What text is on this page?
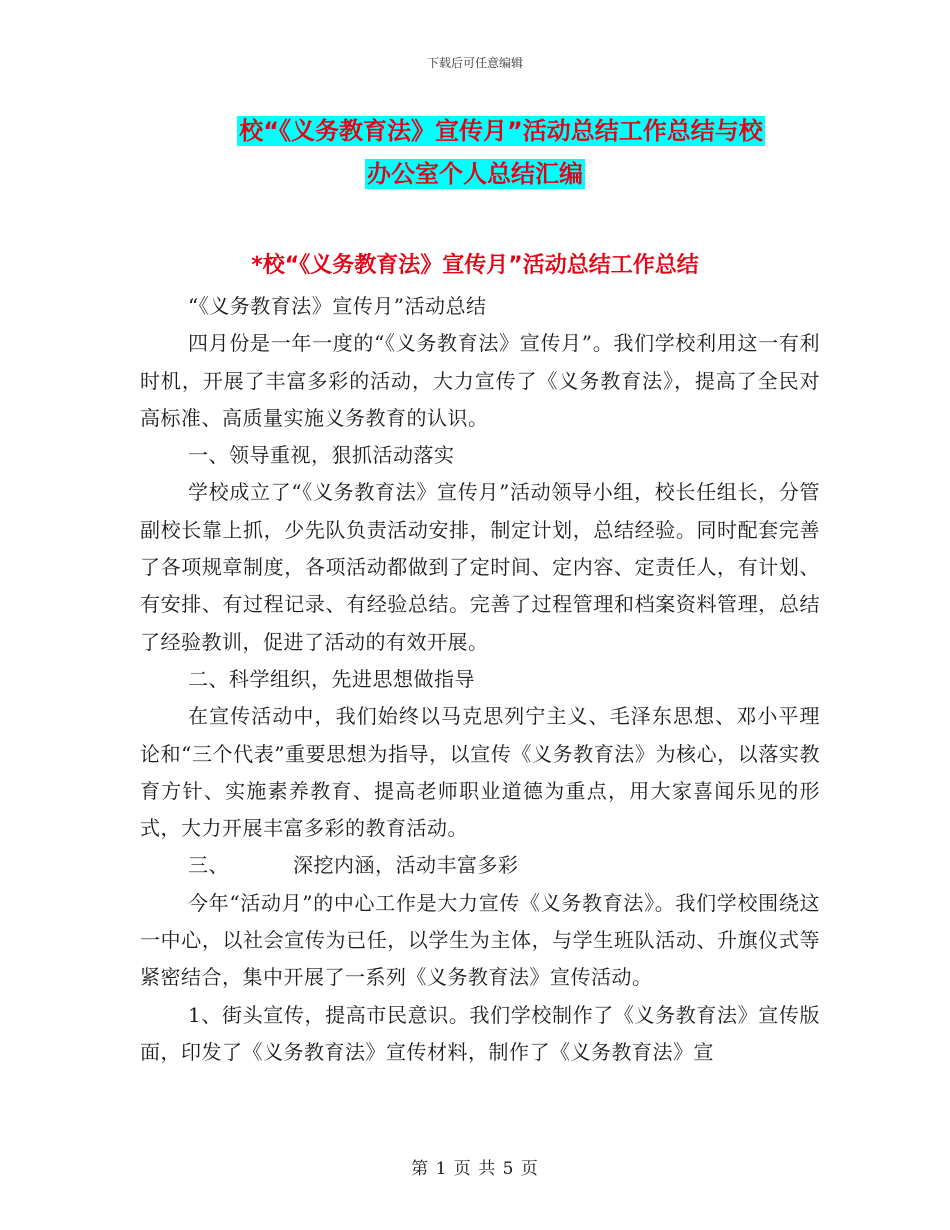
下载后可任意编辑
校“《义务教育法》宣传月”活动总结工作总结与校
办公室个人总结汇编
*校“《义务教育法》宣传月”活动总结工作总结

“《义务教育法》宣传月”活动总结

四月份是一年一度的“《义务教育法》宣传月”。我们学校利用这一有利时机，开展了丰富多彩的活动，大力宣传了《义务教育法》，提高了全民对高标准、高质量实施义务教育的认识。

一、领导重视，狠抓活动落实

学校成立了“《义务教育法》宣传月”活动领导小组，校长任组长，分管副校长靠上抓，少先队负责活动安排，制定计划，总结经验。同时配套完善了各项规章制度，各项活动都做到了定时间、定内容、定责任人，有计划、有安排、有过程记录、有经验总结。完善了过程管理和档案资料管理，总结了经验教训，促进了活动的有效开展。

二、科学组织，先进思想做指导

在宣传活动中，我们始终以马克思列宁主义、毛泽东思想、邓小平理论和“三个代表”重要思想为指导，以宣传《义务教育法》为核心，以落实教育方针、实施素养教育、提高老师职业道德为重点，用大家喜闻乐见的形式，大力开展丰富多彩的教育活动。

三、	深挖内涵，活动丰富多彩

今年“活动月”的中心工作是大力宣传《义务教育法》。我们学校围绕这一中心，以社会宣传为已任，以学生为主体，与学生班队活动、升旗仪式等紧密结合，集中开展了一系列《义务教育法》宣传活动。

1、街头宣传，提高市民意识。我们学校制作了《义务教育法》宣传版面，印发了《义务教育法》宣传材料，制作了《义务教育法》宣

第 1 页 共 5 页
